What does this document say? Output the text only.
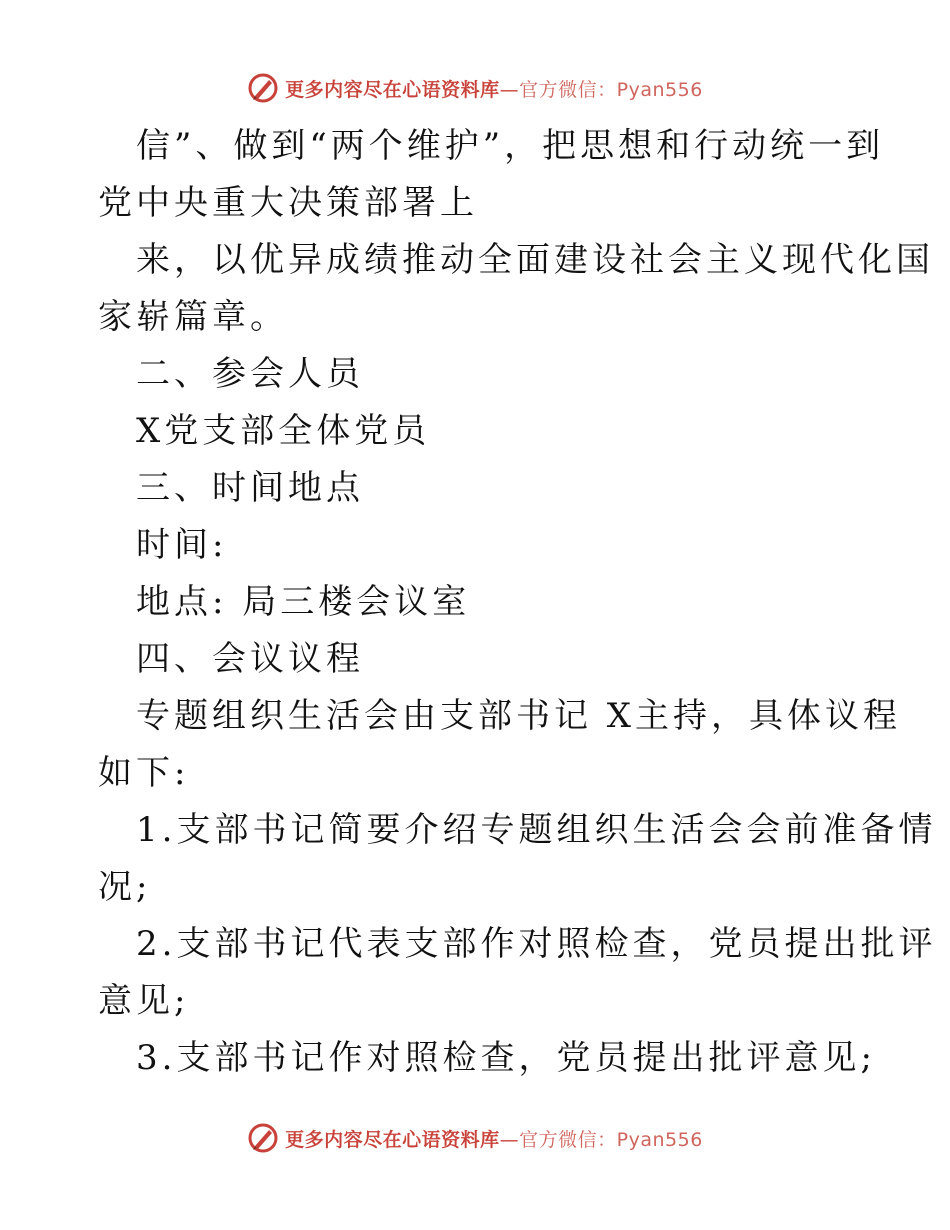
更多内容尽在心语资料库—官方微信：Pyan556
信”、做到“两个维护”，把思想和行动统一到
党中央重大决策部署上
来，以优异成绩推动全面建设社会主义现代化国
家崭篇章。
二、参会人员
X党支部全体党员
三、时间地点
时间:
地点: 局三楼会议室
四、会议议程
专题组织生活会由支部书记 X主持，具体议程
如下:
1.支部书记简要介绍专题组织生活会会前准备情
况;
2.支部书记代表支部作对照检查，党员提出批评
意见;
3.支部书记作对照检查，党员提出批评意见;
更多内容尽在心语资料库—官方微信：Pyan556
